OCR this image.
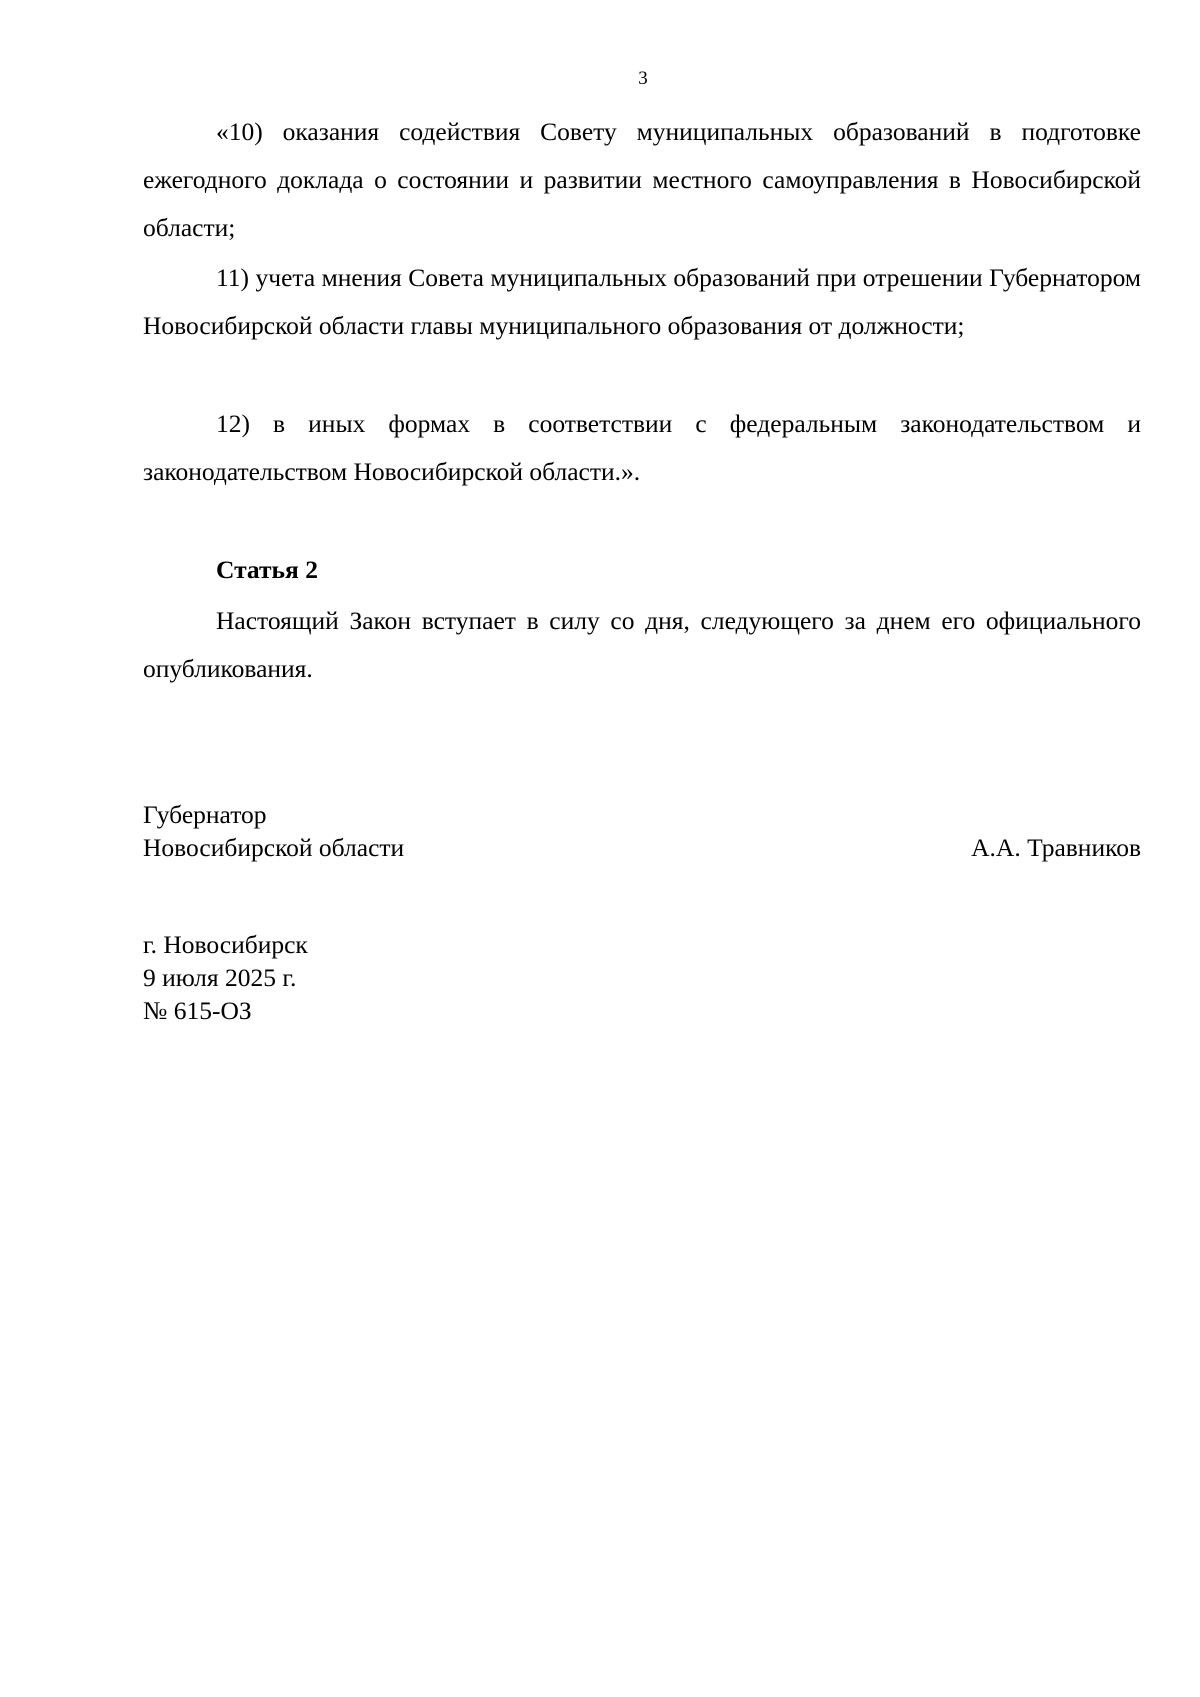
3

«10) оказания содействия Совету муниципальных образований в подготовке ежегодного доклада о состоянии и развитии местного самоуправления в Новосибирской области;

11) учета мнения Совета муниципальных образований при отрешении Губернатором Новосибирской области главы муниципального образования от должности;

12) в иных формах в соответствии с федеральным законодательством и законодательством Новосибирской области.».

Статья 2

Настоящий Закон вступает в силу со дня, следующего за днем его официального опубликования.

Губернатор
Новосибирской области	А.А. Травников
г. Новосибирск
9 июля 2025 г.
№ 615-ОЗ
